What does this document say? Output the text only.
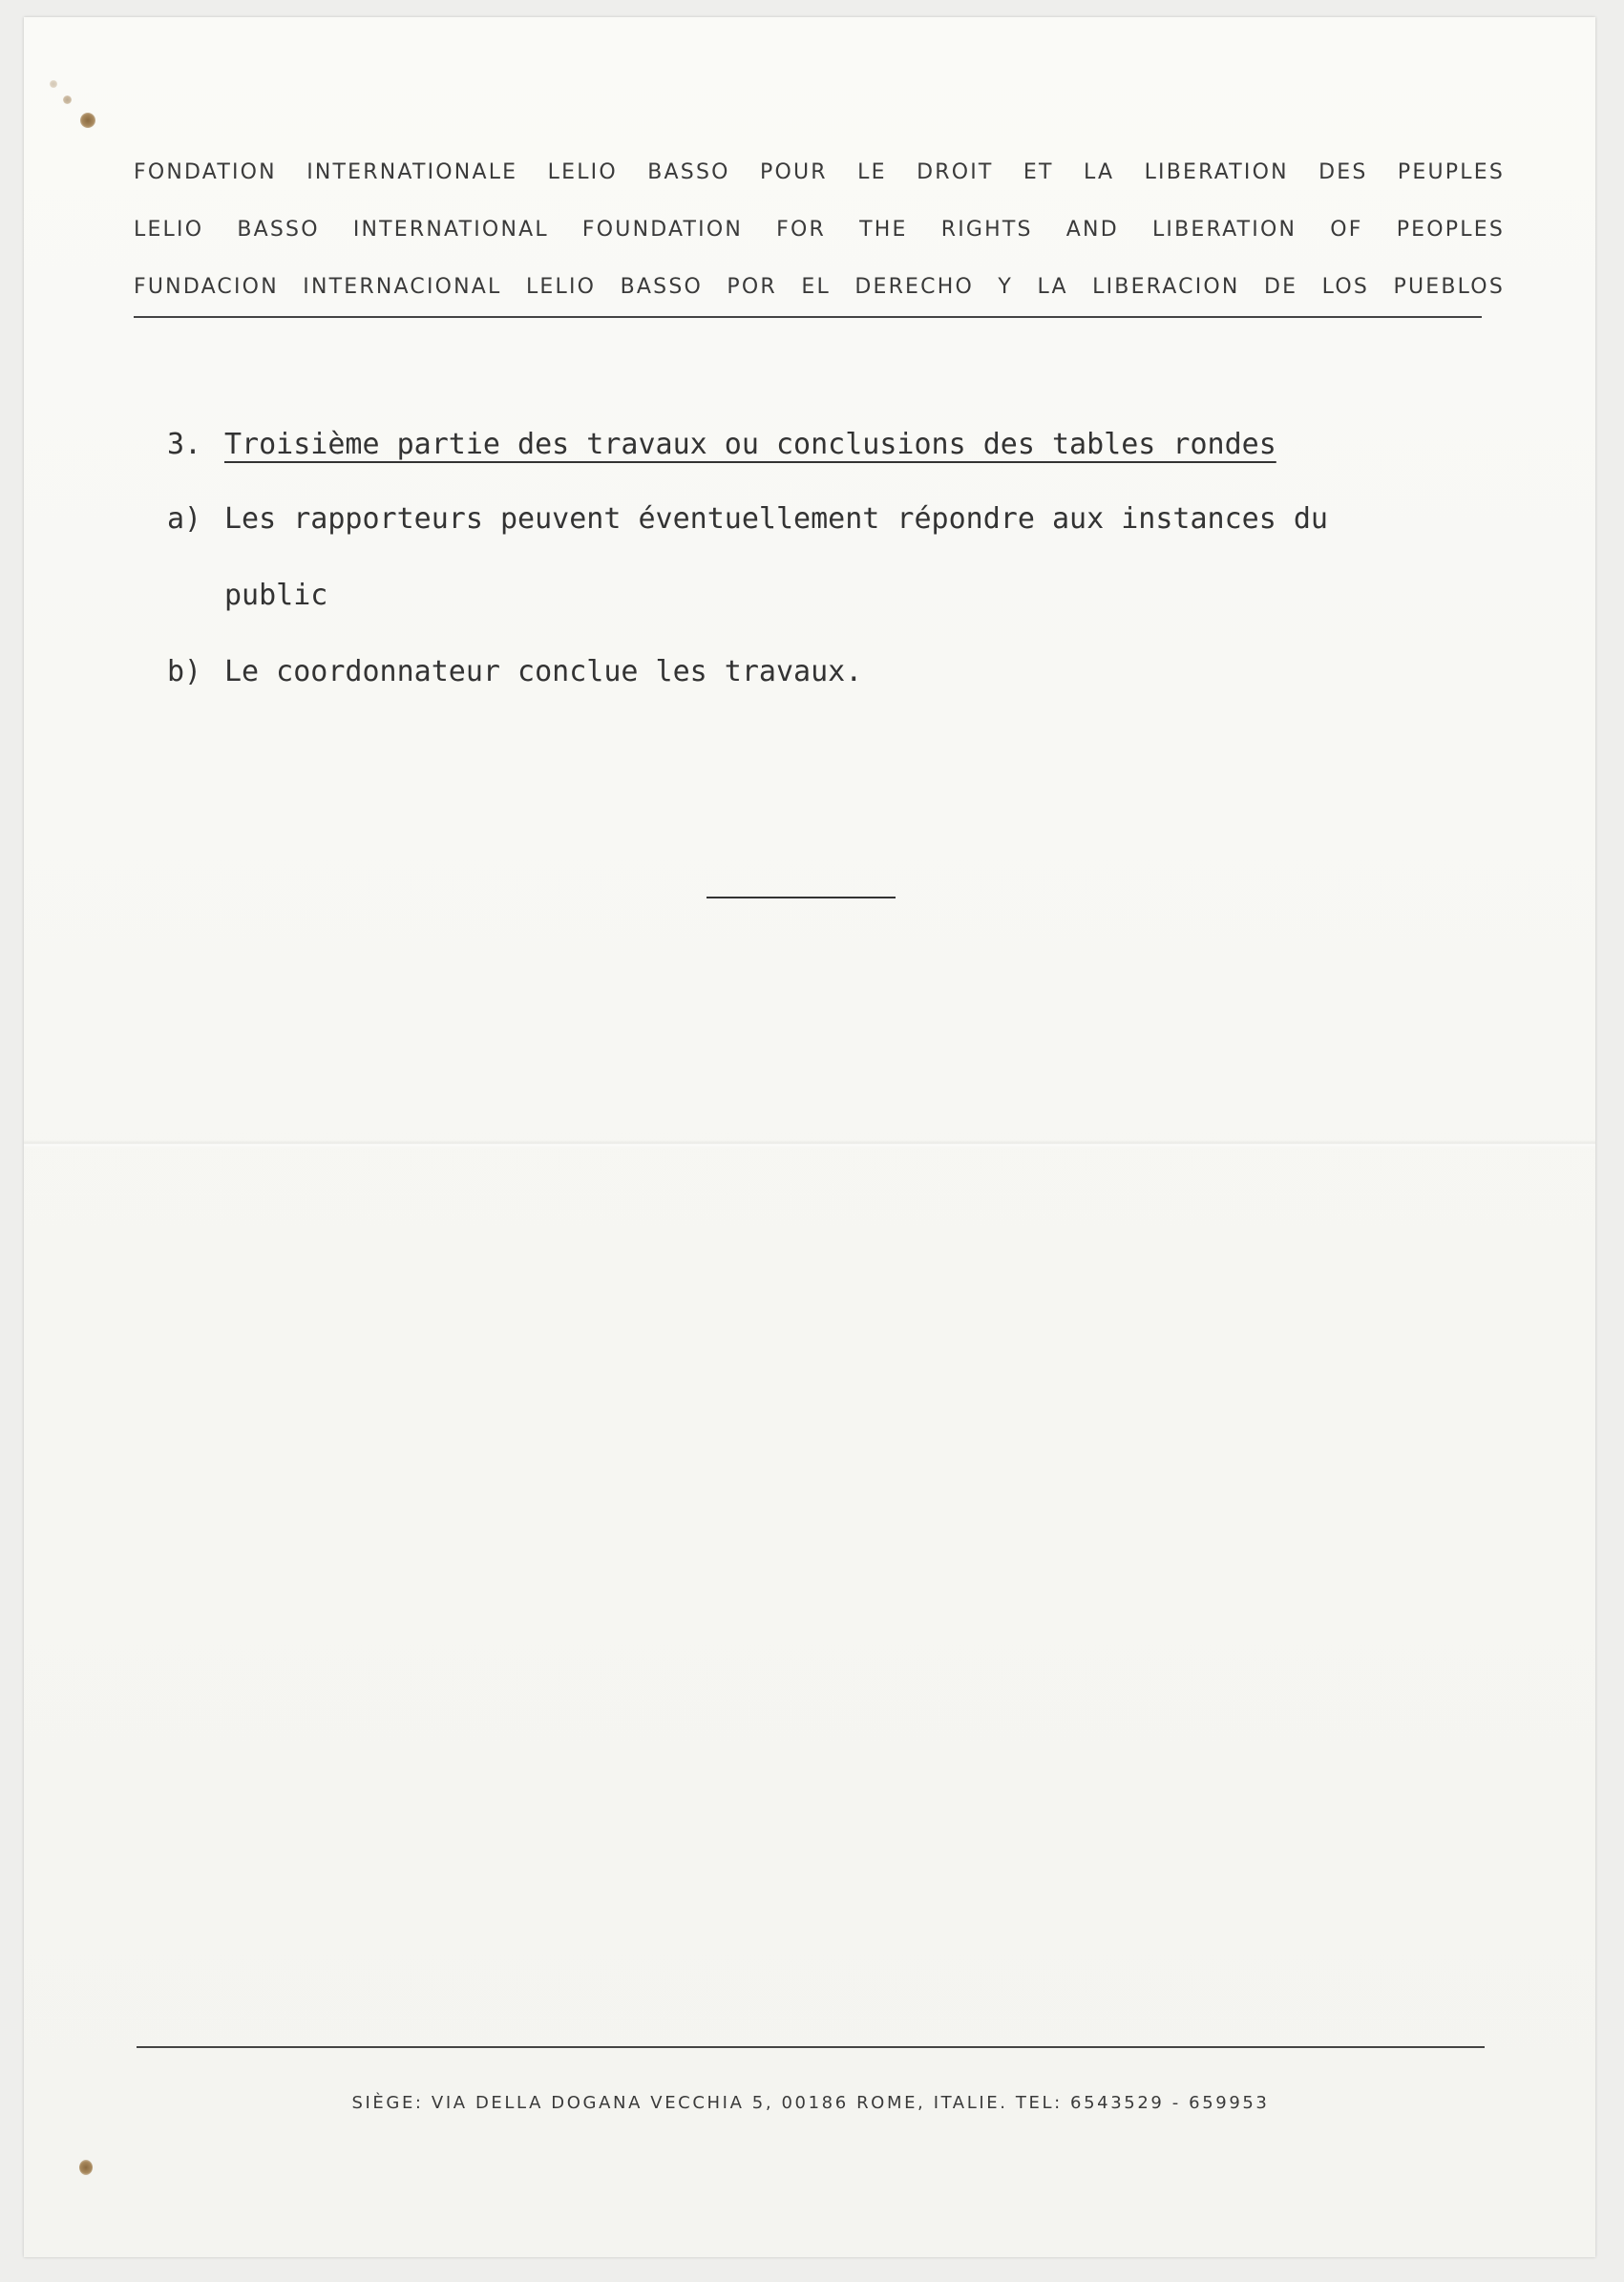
FONDATION INTERNATIONALE LELIO BASSO POUR LE DROIT ET LA LIBERATION DES PEUPLES
LELIO BASSO INTERNATIONAL FOUNDATION FOR THE RIGHTS AND LIBERATION OF PEOPLES
FUNDACION INTERNACIONAL LELIO BASSO POR EL DERECHO Y LA LIBERACION DE LOS PUEBLOS
3. Troisième partie des travaux ou conclusions des tables rondes
a) Les rapporteurs peuvent éventuellement répondre aux instances du
public
b) Le coordonnateur conclue les travaux.
SIÈGE: VIA DELLA DOGANA VECCHIA 5, 00186 ROME, ITALIE. TEL: 6543529 - 659953
